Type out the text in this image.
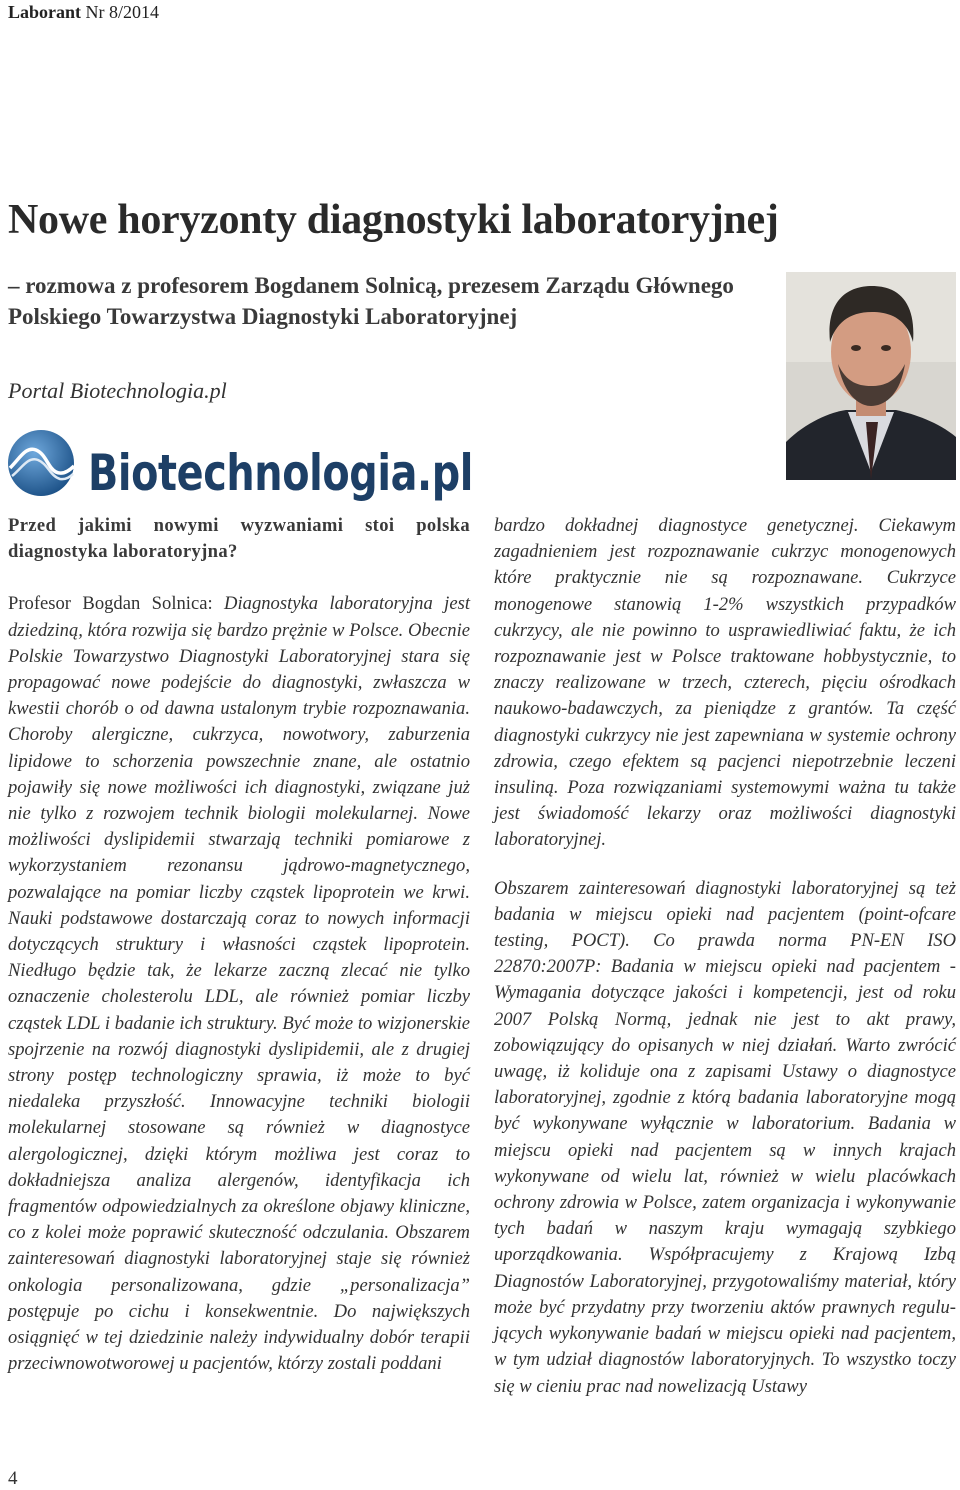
Laborant Nr 8/2014
Nowe horyzonty diagnostyki laboratoryjnej
– rozmowa z profesorem Bogdanem Solnicą, prezesem Zarządu Głównego Polskiego Towarzystwa Diagnostyki Laboratoryjnej
Portal Biotechnologia.pl
Biotechnologia.pl

Przed jakimi nowymi wyzwaniami stoi polska diagnostyka laboratoryjna?

Profesor Bogdan Solnica: Diagnostyka laboratoryjna jest dziedziną, która rozwija się bardzo prężnie w Polsce. Obecnie Polskie Towarzystwo Diagnostyki Laboratoryjnej stara się propagować nowe podejście do diagnostyki, zwłaszcza w kwestii chorób o od dawna ustalonym trybie rozpoznawania. Choroby alergiczne, cukrzyca, nowotwory, zaburzenia lipidowe to schorzenia powszechnie znane, ale ostatnio pojawiły się nowe możliwości ich diagnostyki, związane już nie tylko z rozwojem technik biologii molekularnej. Nowe możliwości dyslipidemii stwarzają techniki pomiarowe z wykorzystaniem rezonansu jądrowo-magnetycznego, pozwalające na pomiar liczby cząstek lipoprotein we krwi. Nauki podstawowe dostarczają coraz to nowych informacji dotyczących struktury i własności cząstek lipoprotein. Niedługo będzie tak, że lekarze zaczną zlecać nie tylko oznaczenie cholesterolu LDL, ale również pomiar liczby cząstek LDL i badanie ich struktury. Być może to wizjonerskie spojrzenie na rozwój diagnostyki dyslipidemii, ale z drugiej strony postęp technologiczny sprawia, iż może to być niedaleka przyszłość. Innowacyjne techniki biologii molekularnej stosowane są również w diagnostyce alergologicznej, dzięki którym możliwa jest coraz to dokładniejsza analiza alergenów, identyfikacja ich fragmentów odpowiedzialnych za określone objawy kliniczne, co z kolei może poprawić skuteczność odczulania. Obszarem zainteresowań diagnostyki laboratoryjnej staje się również onkologia personalizowana, gdzie „personalizacja” postępuje po cichu i konsekwentnie. Do największych osiągnięć w tej dziedzinie należy indywidualny dobór terapii przeciwnowotworowej u pacjentów, którzy zostali poddani

bardzo dokładnej diagnostyce genetycznej. Ciekawym zagadnieniem jest rozpoznawanie cukrzyc monogenowych które praktycznie nie są rozpoznawane. Cukrzyce monogenowe stanowią 1-2% wszystkich przypadków cukrzycy, ale nie powinno to usprawiedliwiać faktu, że ich rozpoznawanie jest w Polsce traktowane hobbystycznie, to znaczy realizowane w trzech, czterech, pięciu ośrodkach naukowo-badawczych, za pieniądze z grantów. Ta część diagnostyki cukrzycy nie jest zapewniana w systemie ochrony zdrowia, czego efektem są pacjenci niepotrzebnie leczeni insuliną. Poza rozwiązaniami systemowymi ważna tu także jest świadomość lekarzy oraz możliwości diagnostyki laboratoryjnej.

Obszarem zainteresowań diagnostyki laboratoryjnej są też badania w miejscu opieki nad pacjentem (point-ofcare testing, POCT). Co prawda norma PN-EN ISO 22870:2007P: Badania w miejscu opieki nad pacjentem - Wymagania dotyczące jakości i kompetencji, jest od roku 2007 Polską Normą, jednak nie jest to akt prawy, zobowiązujący do opisanych w niej działań. Warto zwrócić uwagę, iż koliduje ona z zapisami Ustawy o diagnostyce laboratoryjnej, zgodnie z którą badania laboratoryjne mogą być wykonywane wyłącznie w laboratorium. Badania w miejscu opieki nad pacjentem są w innych krajach wykonywane od wielu lat, również w wielu placówkach ochrony zdrowia w Polsce, zatem organizacja i wykonywanie tych badań w naszym kraju wymagają szybkiego uporządkowania. Współpracujemy z Krajową Izbą Diagnostów Laboratoryjnej, przygotowaliśmy materiał, który może być przydatny przy tworzeniu aktów prawnych regulujących wykonywanie badań w miejscu opieki nad pacjentem, w tym udział diagnostów laboratoryjnych. To wszystko toczy się w cieniu prac nad nowelizacją Ustawy

4
